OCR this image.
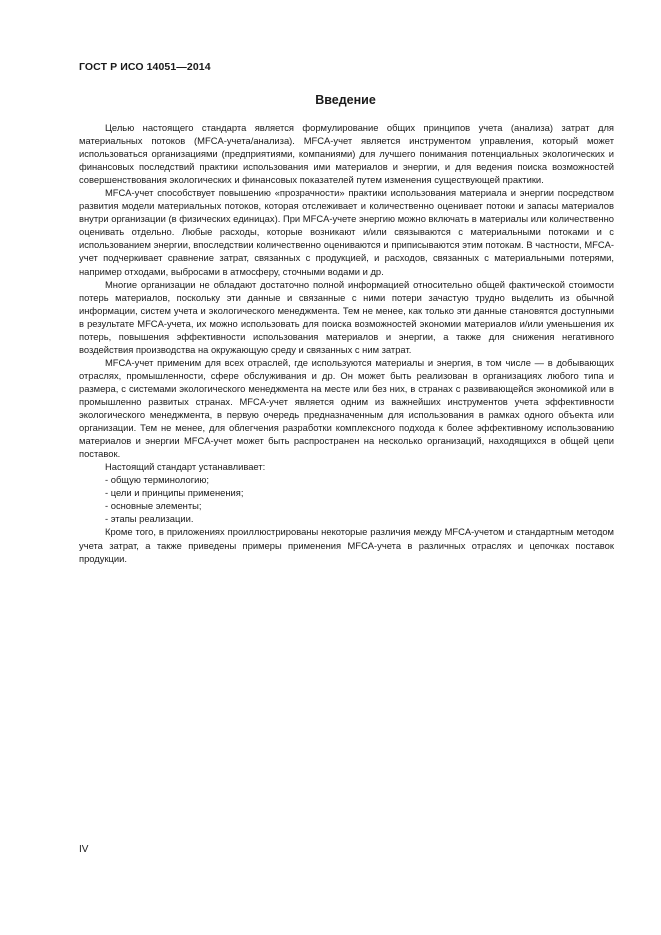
ГОСТ Р ИСО 14051—2014
Введение

Целью настоящего стандарта является формулирование общих принципов учета (анализа) затрат для материальных потоков (MFCA-учета/анализа). MFCA-учет является инструментом управления, который может использоваться организациями (предприятиями, компаниями) для лучшего понимания потенциальных экологических и финансовых последствий практики использования ими материалов и энергии, и для ведения поиска возможностей совершенствования экологических и финансовых показателей путем изменения существующей практики.

MFCA-учет способствует повышению «прозрачности» практики использования материала и энергии посредством развития модели материальных потоков, которая отслеживает и количественно оценивает потоки и запасы материалов внутри организации (в физических единицах). При MFCA-учете энергию можно включать в материалы или количественно оценивать отдельно. Любые расходы, которые возникают и/или связываются с материальными потоками и с использованием энергии, впоследствии количественно оцениваются и приписываются этим потокам. В частности, MFCA-учет подчеркивает сравнение затрат, связанных с продукцией, и расходов, связанных с материальными потерями, например отходами, выбросами в атмосферу, сточными водами и др.

Многие организации не обладают достаточно полной информацией относительно общей фактической стоимости потерь материалов, поскольку эти данные и связанные с ними потери зачастую трудно выделить из обычной информации, систем учета и экологического менеджмента. Тем не менее, как только эти данные становятся доступными в результате MFCA-учета, их можно использовать для поиска возможностей экономии материалов и/или уменьшения их потерь, повышения эффективности использования материалов и энергии, а также для снижения негативного воздействия производства на окружающую среду и связанных с ним затрат.

MFCA-учет применим для всех отраслей, где используются материалы и энергия, в том числе — в добывающих отраслях, промышленности, сфере обслуживания и др. Он может быть реализован в организациях любого типа и размера, с системами экологического менеджмента на месте или без них, в странах с развивающейся экономикой или в промышленно развитых странах. MFCA-учет является одним из важнейших инструментов учета эффективности экологического менеджмента, в первую очередь предназначенным для использования в рамках одного объекта или организации. Тем не менее, для облегчения разработки комплексного подхода к более эффективному использованию материалов и энергии MFCA-учет может быть распространен на несколько организаций, находящихся в общей цепи поставок.

Настоящий стандарт устанавливает:

- общую терминологию;
- цели и принципы применения;
- основные элементы;
- этапы реализации.

Кроме того, в приложениях проиллюстрированы некоторые различия между MFCA-учетом и стандартным методом учета затрат, а также приведены примеры применения MFCA-учета в различных отраслях и цепочках поставок продукции.

IV
